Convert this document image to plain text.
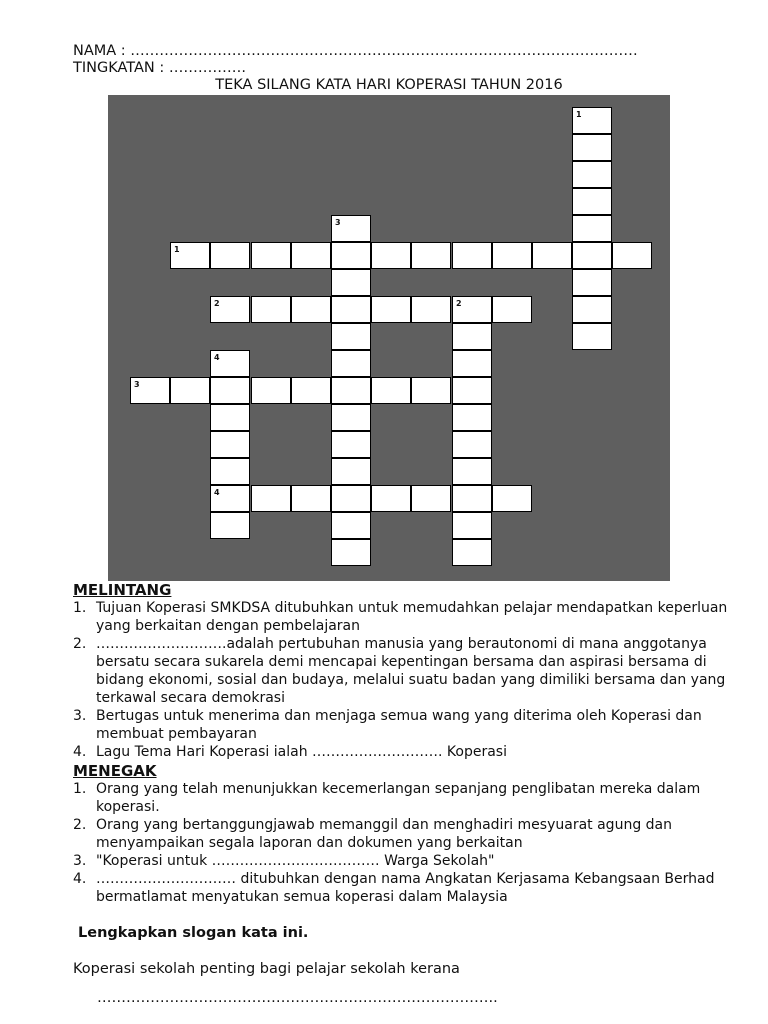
NAMA : ……………………………………………………………………………………………
TINGKATAN : …………….
TEKA SILANG KATA HARI KOPERASI TAHUN 2016
1
3
1
2	2
4
3
4
MELINTANG
1. Tujuan Koperasi SMKDSA ditubuhkan untuk memudahkan pelajar mendapatkan keperluan yang berkaitan dengan pembelajaran
2. ……………………….adalah pertubuhan manusia yang berautonomi di mana anggotanya bersatu secara sukarela demi mencapai kepentingan bersama dan aspirasi bersama di bidang ekonomi, sosial dan budaya, melalui suatu badan yang dimiliki bersama dan yang terkawal secara demokrasi
3. Bertugas untuk menerima dan menjaga semua wang yang diterima oleh Koperasi dan membuat pembayaran
4. Lagu Tema Hari Koperasi ialah ………………………. Koperasi
MENEGAK
1. Orang yang telah menunjukkan kecemerlangan sepanjang penglibatan mereka dalam koperasi.
2. Orang yang bertanggungjawab memanggil dan menghadiri mesyuarat agung dan menyampaikan segala laporan dan dokumen yang berkaitan
3. "Koperasi untuk ……………………………… Warga Sekolah"
4. ………………………… ditubuhkan dengan nama Angkatan Kerjasama Kebangsaan Berhad bermatlamat menyatukan semua koperasi dalam Malaysia
Lengkapkan slogan kata ini.
Koperasi sekolah penting bagi pelajar sekolah kerana
………………………………………………………………………..
